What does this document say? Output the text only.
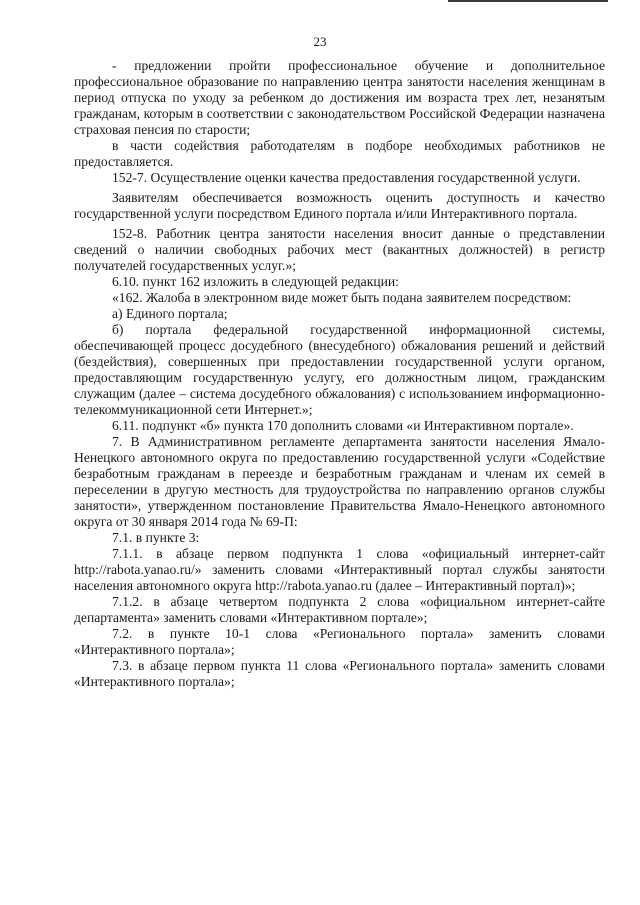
23

- предложении пройти профессиональное обучение и дополнительное профессиональное образование по направлению центра занятости населения женщинам в период отпуска по уходу за ребенком до достижения им возраста трех лет, незанятым гражданам, которым в соответствии с законодательством Российской Федерации назначена страховая пенсия по старости;

в части содействия работодателям в подборе необходимых работников не предоставляется.

152-7. Осуществление оценки качества предоставления государственной услуги.

Заявителям обеспечивается возможность оценить доступность и качество государственной услуги посредством Единого портала и/или Интерактивного портала.

152-8. Работник центра занятости населения вносит данные о представлении сведений о наличии свободных рабочих мест (вакантных должностей) в регистр получателей государственных услуг.»;

6.10. пункт 162 изложить в следующей редакции:

«162. Жалоба в электронном виде может быть подана заявителем посредством:

а) Единого портала;

б) портала федеральной государственной информационной системы, обеспечивающей процесс досудебного (внесудебного) обжалования решений и действий (бездействия), совершенных при предоставлении государственной услуги органом, предоставляющим государственную услугу, его должностным лицом, гражданским служащим (далее – система досудебного обжалования) с использованием информационно-телекоммуникационной сети Интернет.»;

6.11. подпункт «б» пункта 170 дополнить словами «и Интерактивном портале».

7. В Административном регламенте департамента занятости населения Ямало-Ненецкого автономного округа по предоставлению государственной услуги «Содействие безработным гражданам в переезде и безработным гражданам и членам их семей в переселении в другую местность для трудоустройства по направлению органов службы занятости», утвержденном постановление Правительства Ямало-Ненецкого автономного округа от 30 января 2014 года № 69-П:

7.1. в пункте 3:

7.1.1. в абзаце первом подпункта 1 слова «официальный интернет-сайт http://rabota.yanao.ru/» заменить словами «Интерактивный портал службы занятости населения автономного округа http://rabota.yanao.ru (далее – Интерактивный портал)»;

7.1.2. в абзаце четвертом подпункта 2 слова «официальном интернет-сайте департамента» заменить словами «Интерактивном портале»;

7.2. в пункте 10-1 слова «Регионального портала» заменить словами «Интерактивного портала»;

7.3. в абзаце первом пункта 11 слова «Регионального портала» заменить словами «Интерактивного портала»;
